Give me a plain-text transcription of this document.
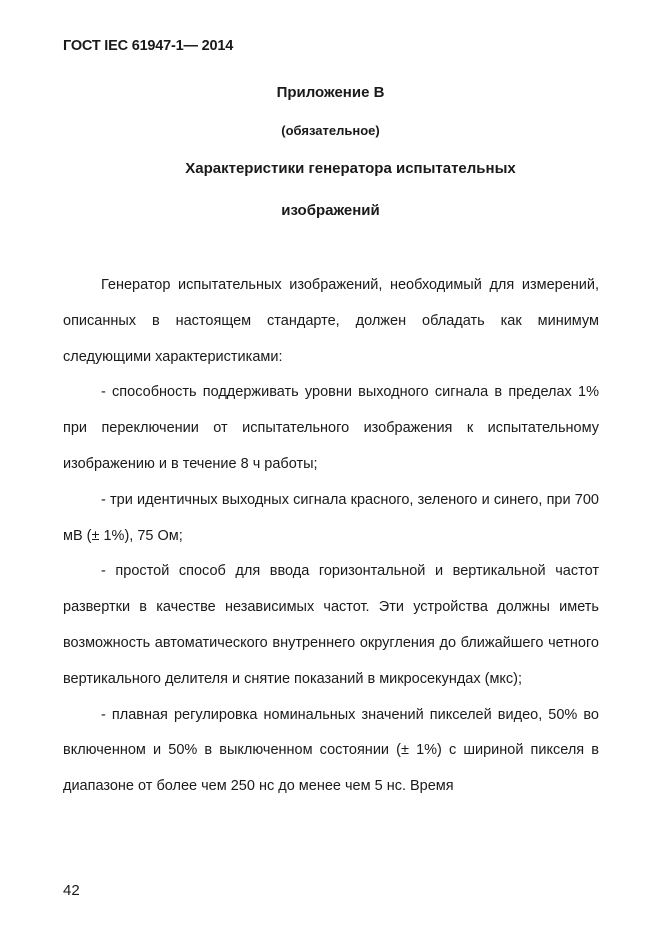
ГОСТ IEC 61947-1— 2014
Приложение В
(обязательное)
Характеристики генератора испытательных
изображений

Генератор испытательных изображений, необходимый для измерений, описанных в настоящем стандарте, должен обладать как минимум следующими характеристиками:

- способность поддерживать уровни выходного сигнала в пределах 1% при переключении от испытательного изображения к испытательному изображению и в течение 8 ч работы;

- три идентичных выходных сигнала красного, зеленого и синего, при 700 мВ (± 1%), 75 Ом;

- простой способ для ввода горизонтальной и вертикальной частот развертки в качестве независимых частот. Эти устройства должны иметь возможность автоматического внутреннего округления до ближайшего четного вертикального делителя и снятие показаний в микросекундах (мкс);

- плавная регулировка номинальных значений пикселей видео, 50% во включенном и 50% в выключенном состоянии (± 1%) с шириной пикселя в диапазоне от более чем 250 нс до менее чем 5 нс. Время

42
